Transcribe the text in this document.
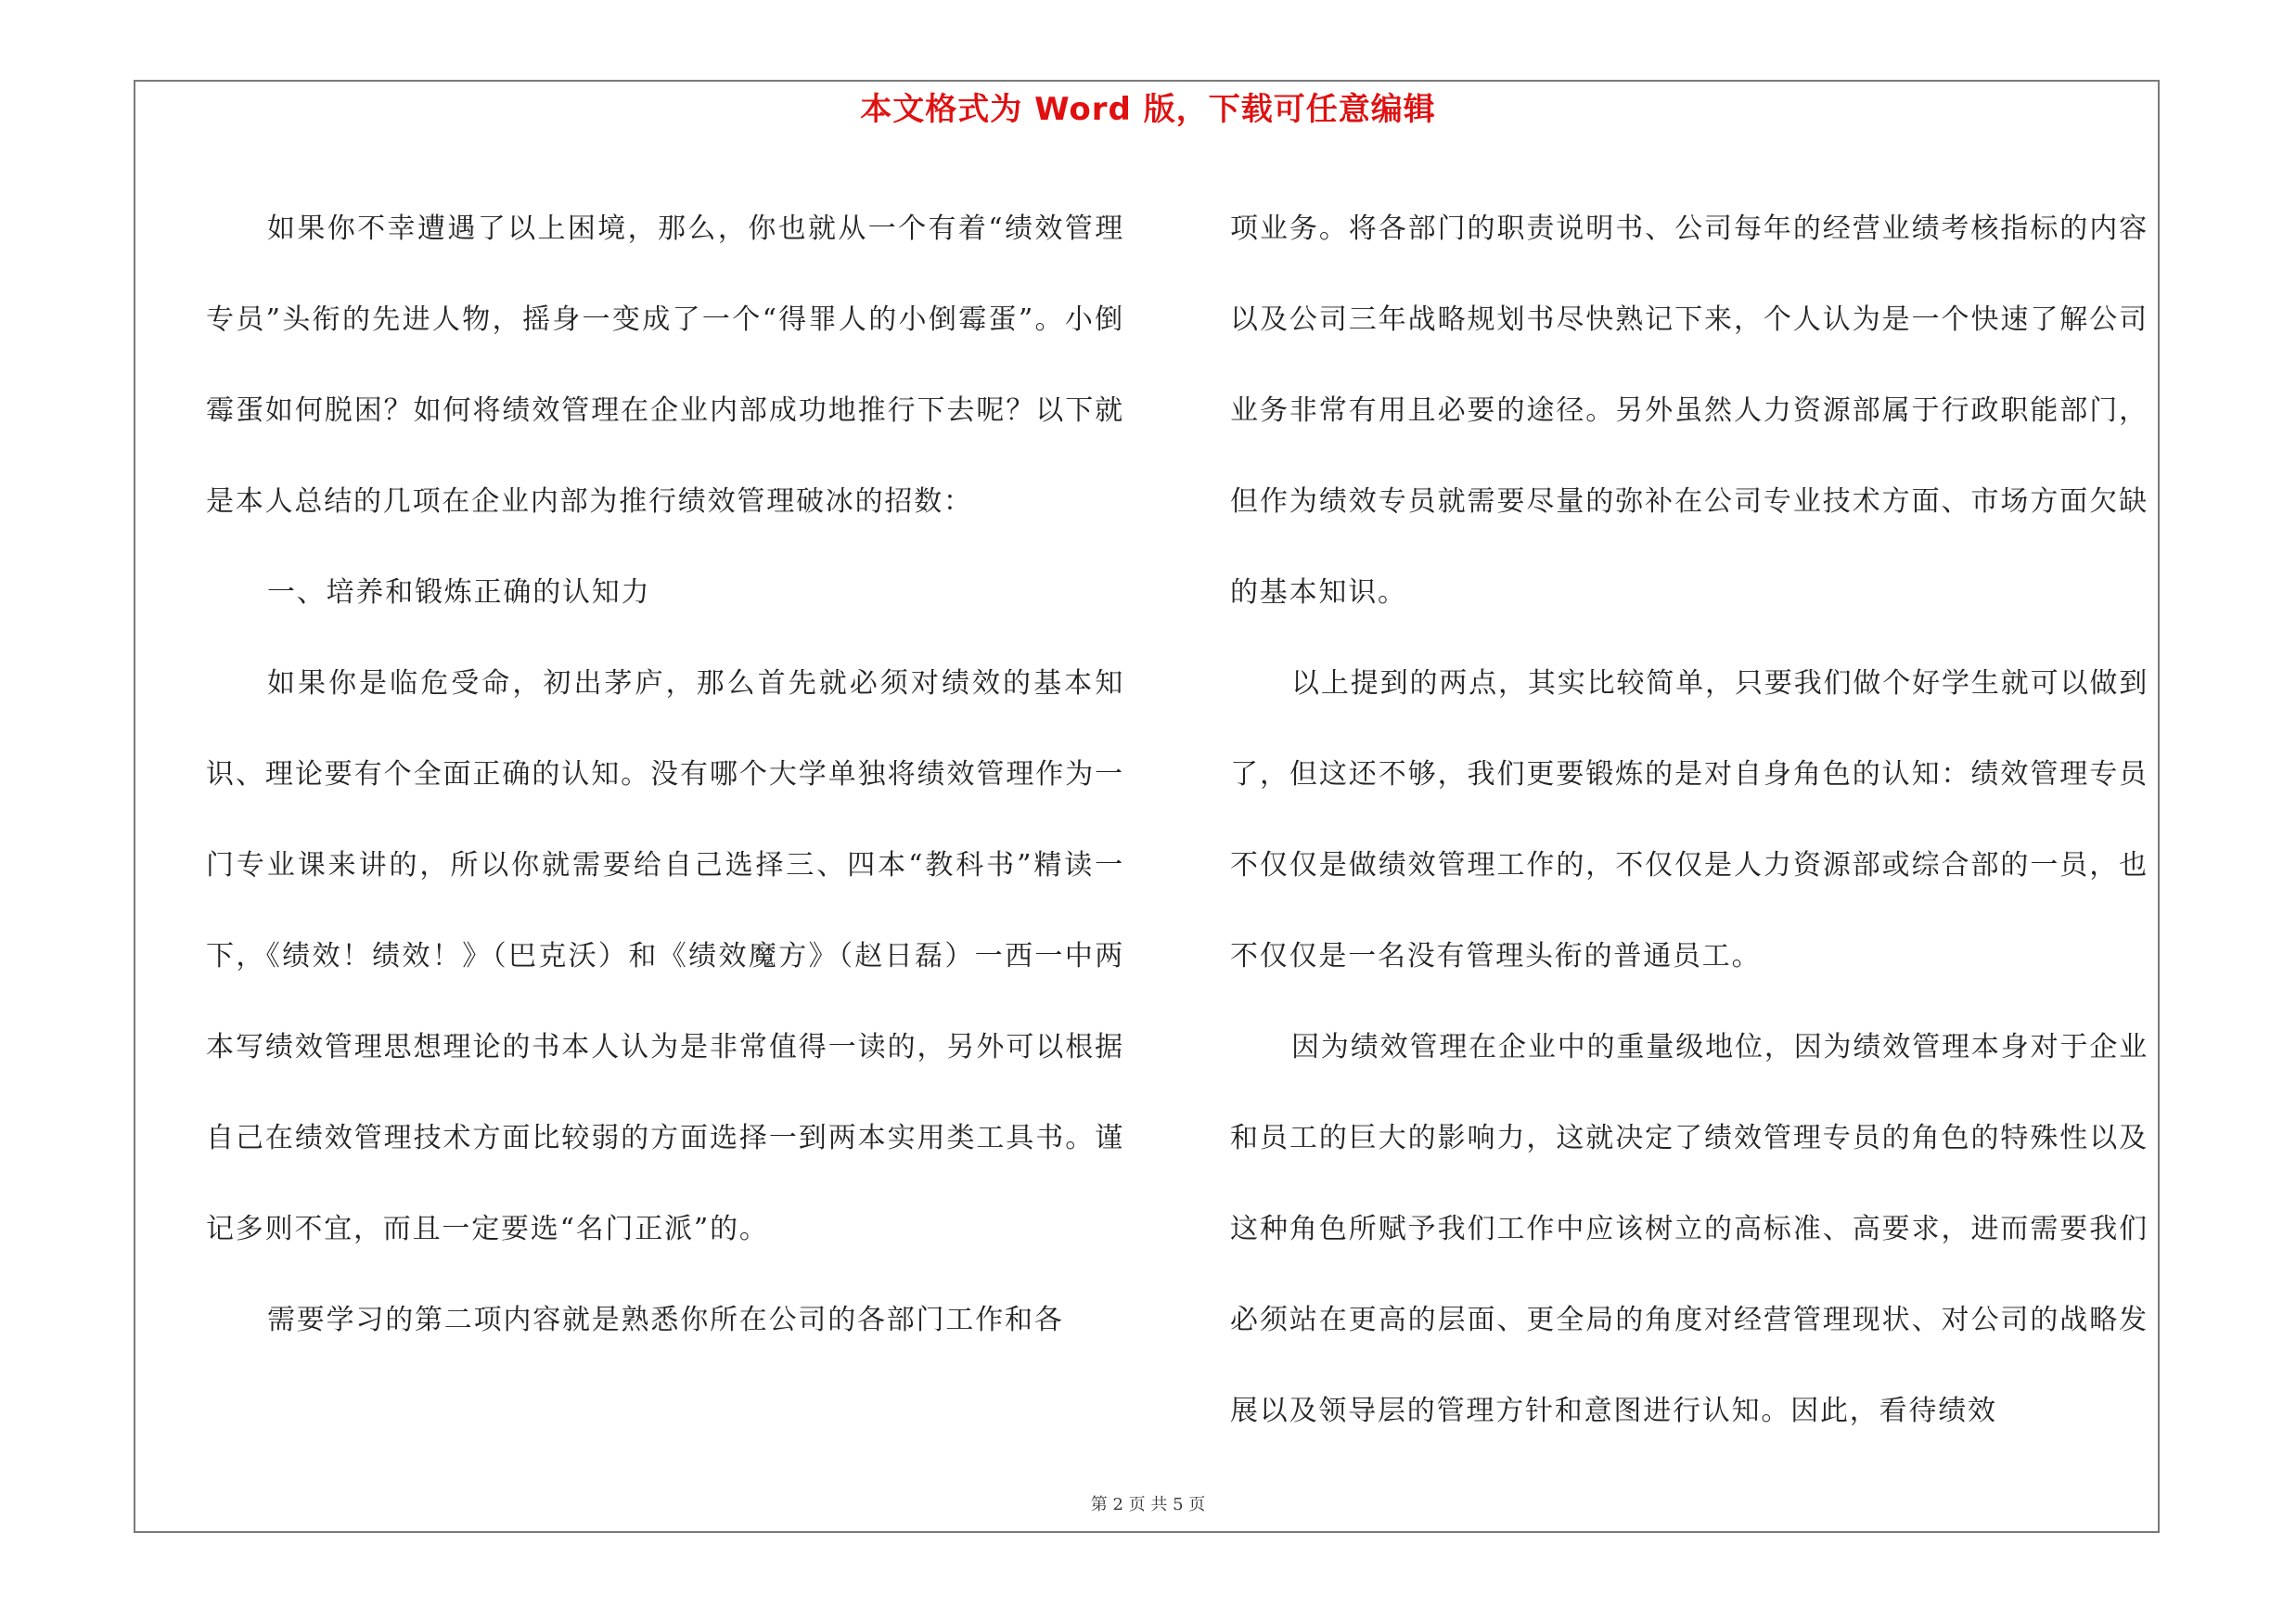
本文格式为 Word 版，下载可任意编辑

如果你不幸遭遇了以上困境，那么，你也就从一个有着“绩效管理专员”头衔的先进人物，摇身一变成了一个“得罪人的小倒霉蛋”。小倒霉蛋如何脱困？如何将绩效管理在企业内部成功地推行下去呢？以下就是本人总结的几项在企业内部为推行绩效管理破冰的招数：

一、培养和锻炼正确的认知力

如果你是临危受命，初出茅庐，那么首先就必须对绩效的基本知识、理论要有个全面正确的认知。没有哪个大学单独将绩效管理作为一门专业课来讲的，所以你就需要给自己选择三、四本“教科书”精读一下，《绩效！绩效！》（巴克沃）和《绩效魔方》（赵日磊）一西一中两本写绩效管理思想理论的书本人认为是非常值得一读的，另外可以根据自己在绩效管理技术方面比较弱的方面选择一到两本实用类工具书。谨记多则不宜，而且一定要选“名门正派”的。

需要学习的第二项内容就是熟悉你所在公司的各部门工作和各

项业务。将各部门的职责说明书、公司每年的经营业绩考核指标的内容以及公司三年战略规划书尽快熟记下来，个人认为是一个快速了解公司业务非常有用且必要的途径。另外虽然人力资源部属于行政职能部门，但作为绩效专员就需要尽量的弥补在公司专业技术方面、市场方面欠缺的基本知识。

以上提到的两点，其实比较简单，只要我们做个好学生就可以做到了，但这还不够，我们更要锻炼的是对自身角色的认知：绩效管理专员不仅仅是做绩效管理工作的，不仅仅是人力资源部或综合部的一员，也不仅仅是一名没有管理头衔的普通员工。

因为绩效管理在企业中的重量级地位，因为绩效管理本身对于企业和员工的巨大的影响力，这就决定了绩效管理专员的角色的特殊性以及这种角色所赋予我们工作中应该树立的高标准、高要求，进而需要我们必须站在更高的层面、更全局的角度对经营管理现状、对公司的战略发展以及领导层的管理方针和意图进行认知。因此，看待绩效

第 2 页 共 5 页
